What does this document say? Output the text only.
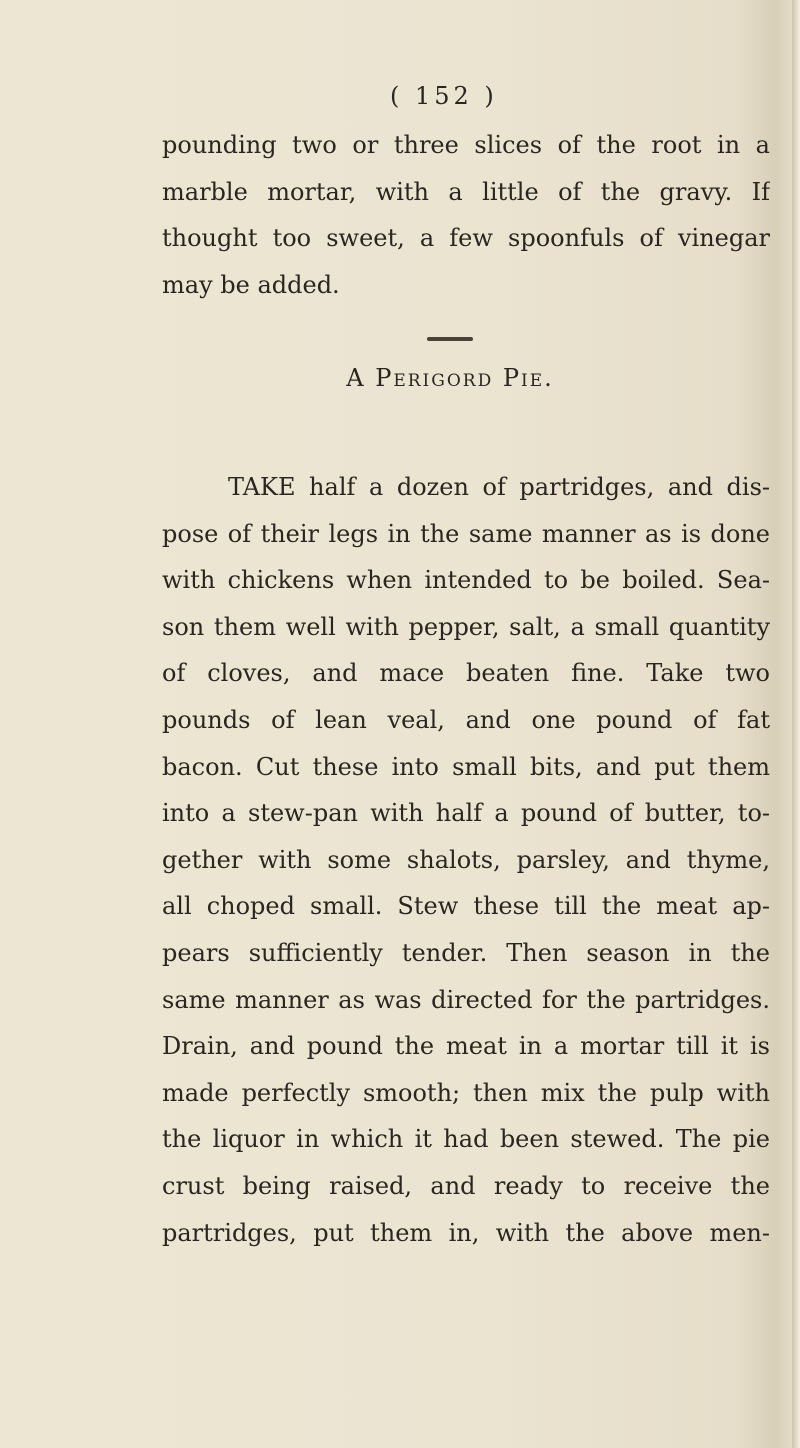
( 152 )
pounding two or three slices of the root in a
marble mortar, with a little of the gravy. If
thought too sweet, a few spoonfuls of vinegar
may be added.
A Perigord Pie.
TAKE half a dozen of partridges, and dis-
pose of their legs in the same manner as is done
with chickens when intended to be boiled. Sea-
son them well with pepper, salt, a small quantity
of cloves, and mace beaten fine. Take two
pounds of lean veal, and one pound of fat
bacon. Cut these into small bits, and put them
into a stew-pan with half a pound of butter, to-
gether with some shalots, parsley, and thyme,
all choped small. Stew these till the meat ap-
pears sufficiently tender. Then season in the
same manner as was directed for the partridges.
Drain, and pound the meat in a mortar till it is
made perfectly smooth; then mix the pulp with
the liquor in which it had been stewed. The pie
crust being raised, and ready to receive the
partridges, put them in, with the above men-
